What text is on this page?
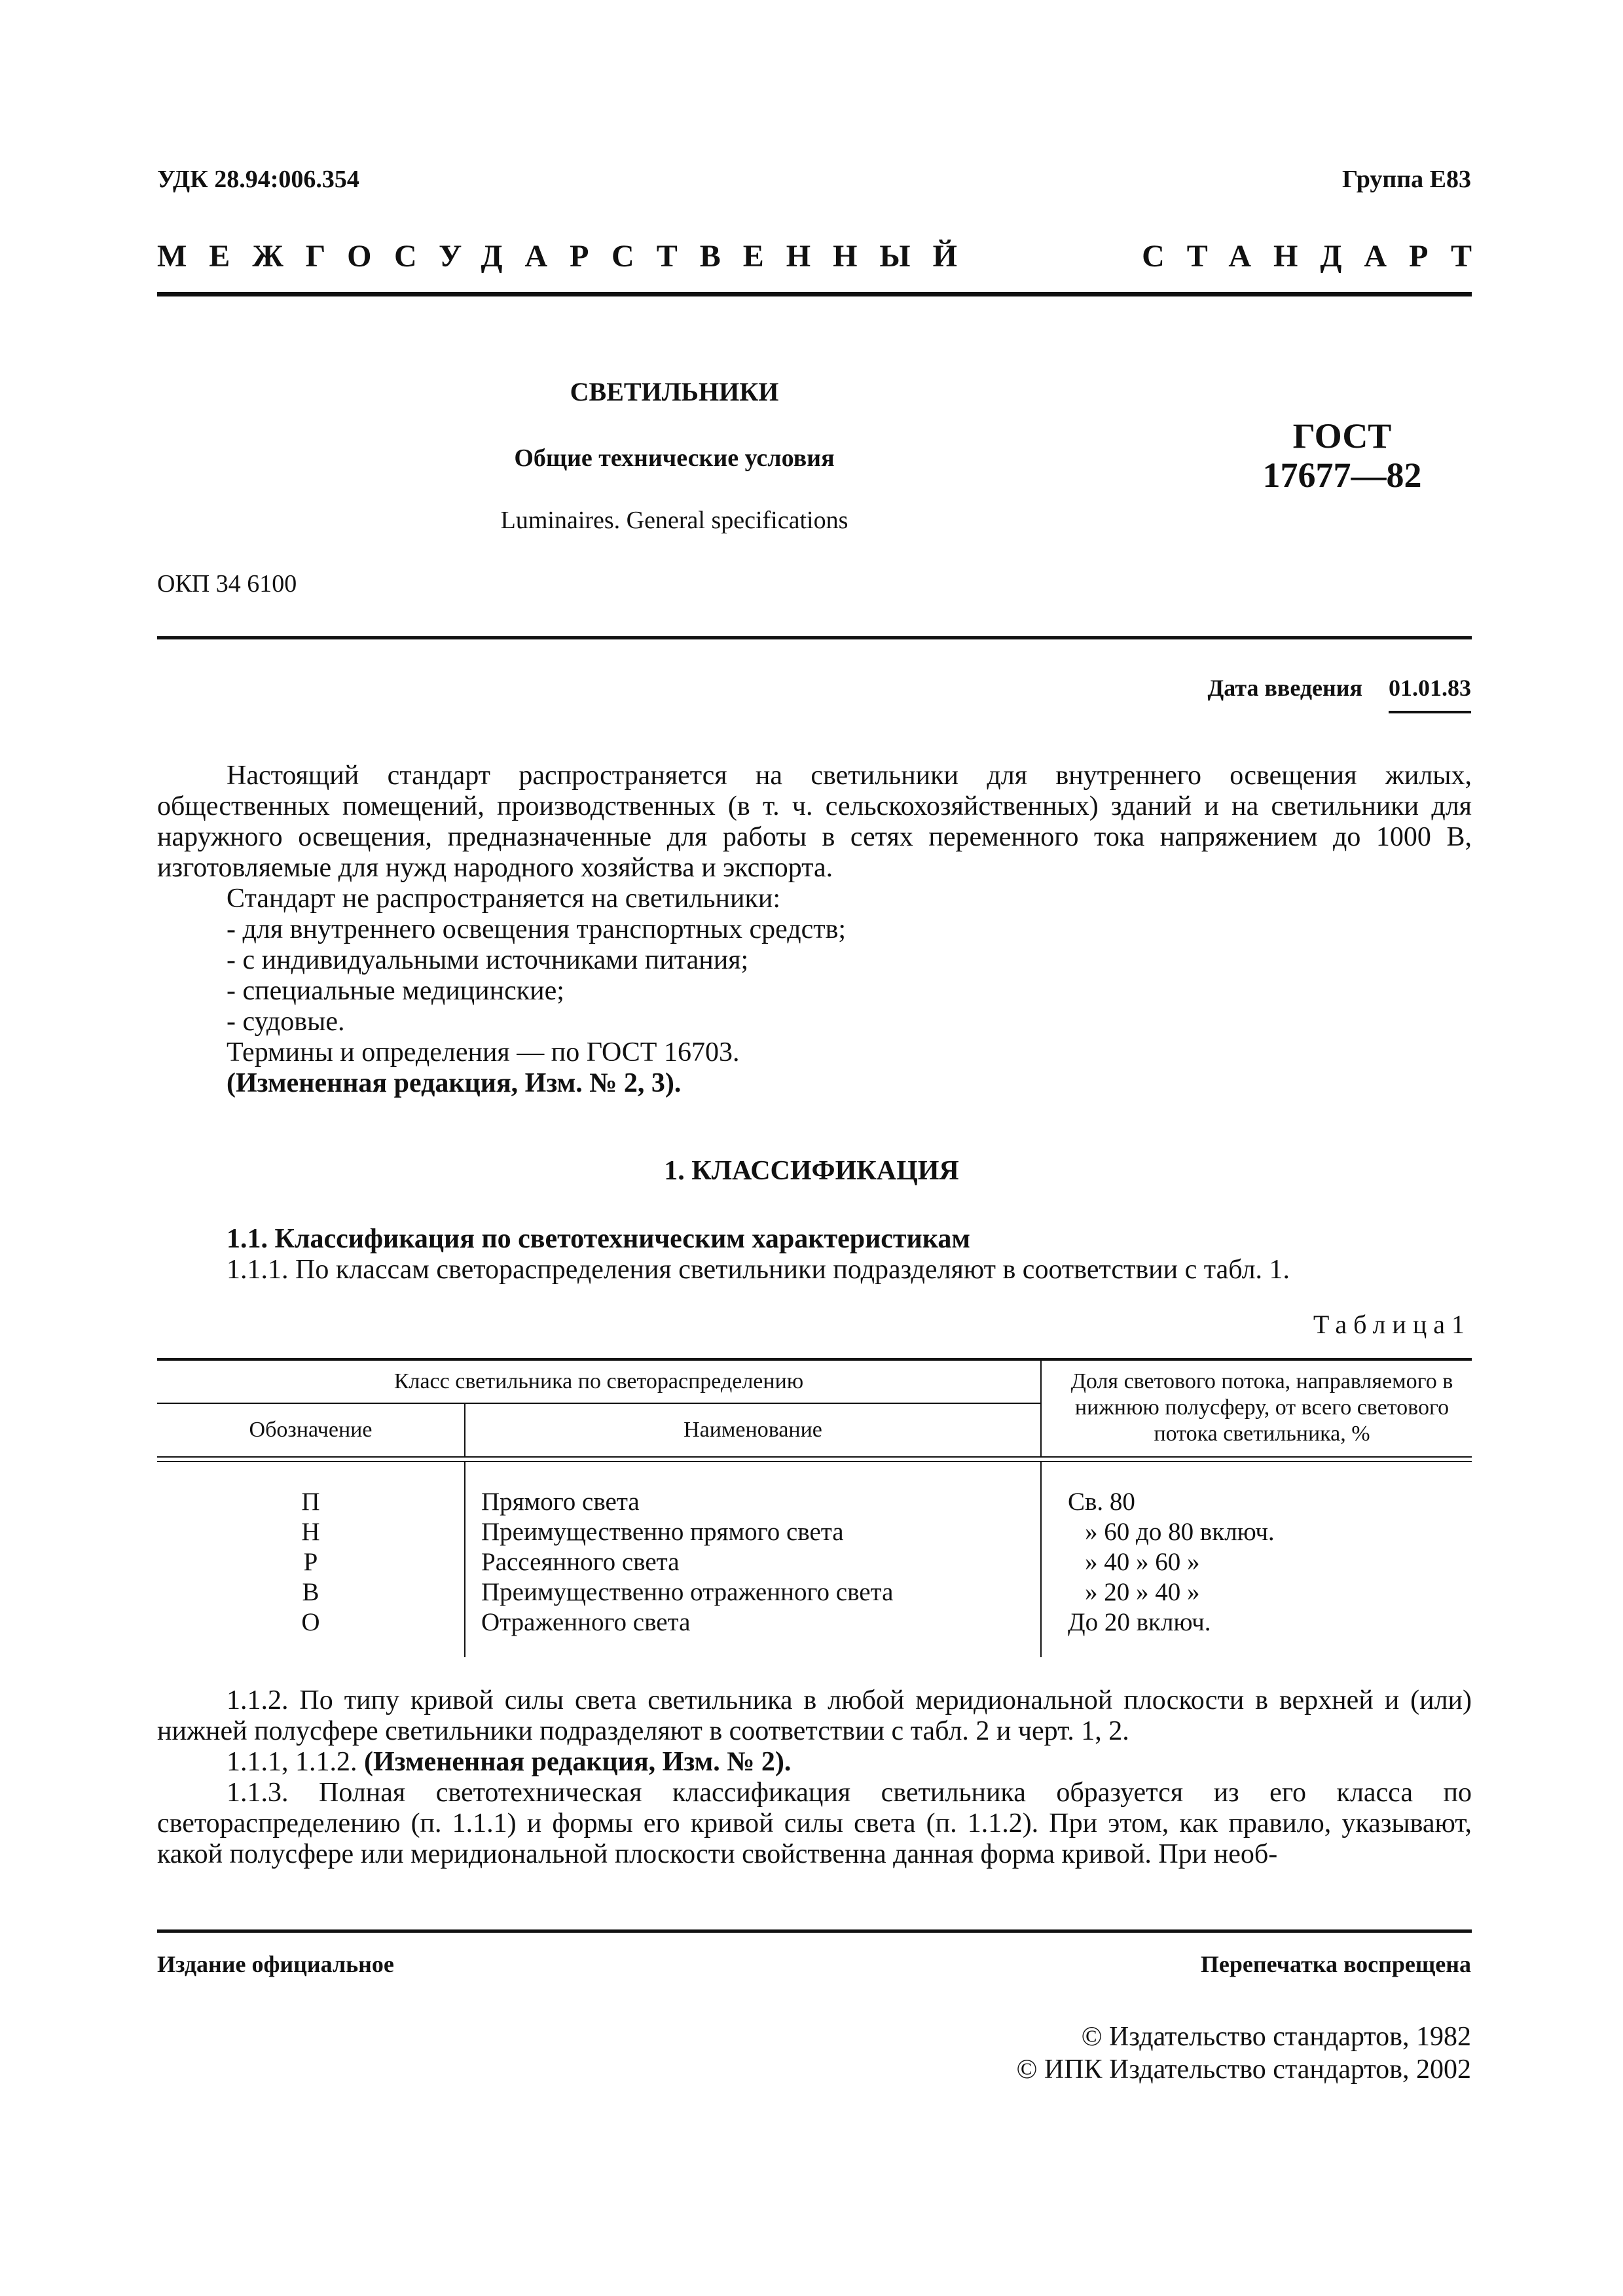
УДК 28.94:006.354	Группа Е83
МЕЖГОСУДАРСТВЕННЫЙ	СТАНДАРТ
СВЕТИЛЬНИКИ
Общие технические условия
Luminaires. General specifications
ГОСТ
17677—82
ОКП 34 6100
Дата введения 01.01.83

Настоящий стандарт распространяется на светильники для внутреннего освещения жилых, общественных помещений, производственных (в т. ч. сельскохозяйственных) зданий и на светильники для наружного освещения, предназначенные для работы в сетях переменного тока напряжением до 1000 В, изготовляемые для нужд народного хозяйства и экспорта.

Стандарт не распространяется на светильники:

- для внутреннего освещения транспортных средств;

- с индивидуальными источниками питания;

- специальные медицинские;

- судовые.

Термины и определения — по ГОСТ 16703.

(Измененная редакция, Изм. № 2, 3).

1. КЛАССИФИКАЦИЯ

1.1. Классификация по светотехническим характеристикам

1.1.1. По классам светораспределения светильники подразделяют в соответствии с табл. 1.

Таблица1
Класс светильника по светораспределению		Доля светового потока, направляемого в нижнюю полусферу, от всего светового потока светильника, %
Обозначение	Наименование	

П	Прямого света	Св. 80
Н	Преимущественно прямого света	» 60 до 80 включ.
Р	Рассеянного света	» 40 » 60 »
В	Преимущественно отраженного света	» 20 » 40 »
О	Отраженного света	До 20 включ.

1.1.2. По типу кривой силы света светильника в любой меридиональной плоскости в верхней и (или) нижней полусфере светильники подразделяют в соответствии с табл. 2 и черт. 1, 2.

1.1.1, 1.1.2. (Измененная редакция, Изм. № 2).

1.1.3. Полная светотехническая классификация светильника образуется из его класса по светораспределению (п. 1.1.1) и формы его кривой силы света (п. 1.1.2). При этом, как правило, указывают, какой полусфере или меридиональной плоскости свойственна данная форма кривой. При необ-

Издание официальное	Перепечатка воспрещена
© Издательство стандартов, 1982
© ИПК Издательство стандартов, 2002
